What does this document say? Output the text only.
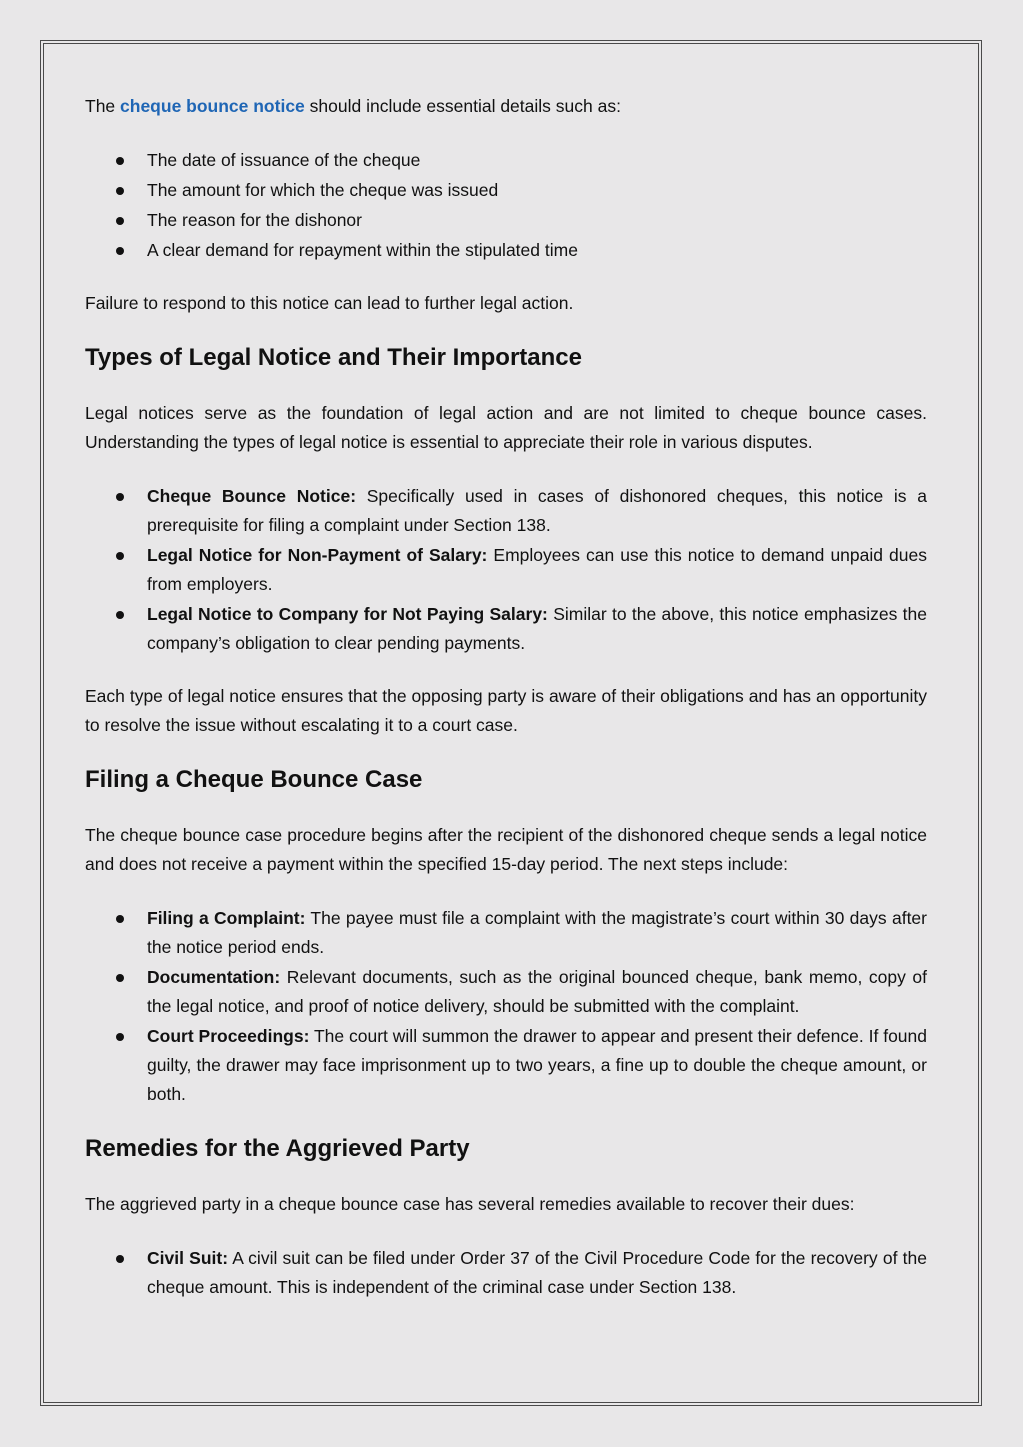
The cheque bounce notice should include essential details such as:

The date of issuance of the cheque
The amount for which the cheque was issued
The reason for the dishonor
A clear demand for repayment within the stipulated time

Failure to respond to this notice can lead to further legal action.

Types of Legal Notice and Their Importance

Legal notices serve as the foundation of legal action and are not limited to cheque bounce cases. Understanding the types of legal notice is essential to appreciate their role in various disputes.

Cheque Bounce Notice: Specifically used in cases of dishonored cheques, this notice is a prerequisite for filing a complaint under Section 138.
Legal Notice for Non-Payment of Salary: Employees can use this notice to demand unpaid dues from employers.
Legal Notice to Company for Not Paying Salary: Similar to the above, this notice emphasizes the company’s obligation to clear pending payments.

Each type of legal notice ensures that the opposing party is aware of their obligations and has an opportunity to resolve the issue without escalating it to a court case.

Filing a Cheque Bounce Case

The cheque bounce case procedure begins after the recipient of the dishonored cheque sends a legal notice and does not receive a payment within the specified 15-day period. The next steps include:

Filing a Complaint: The payee must file a complaint with the magistrate’s court within 30 days after the notice period ends.
Documentation: Relevant documents, such as the original bounced cheque, bank memo, copy of the legal notice, and proof of notice delivery, should be submitted with the complaint.
Court Proceedings: The court will summon the drawer to appear and present their defence. If found guilty, the drawer may face imprisonment up to two years, a fine up to double the cheque amount, or both.
Remedies for the Aggrieved Party

The aggrieved party in a cheque bounce case has several remedies available to recover their dues:

Civil Suit: A civil suit can be filed under Order 37 of the Civil Procedure Code for the recovery of the cheque amount. This is independent of the criminal case under Section 138.
